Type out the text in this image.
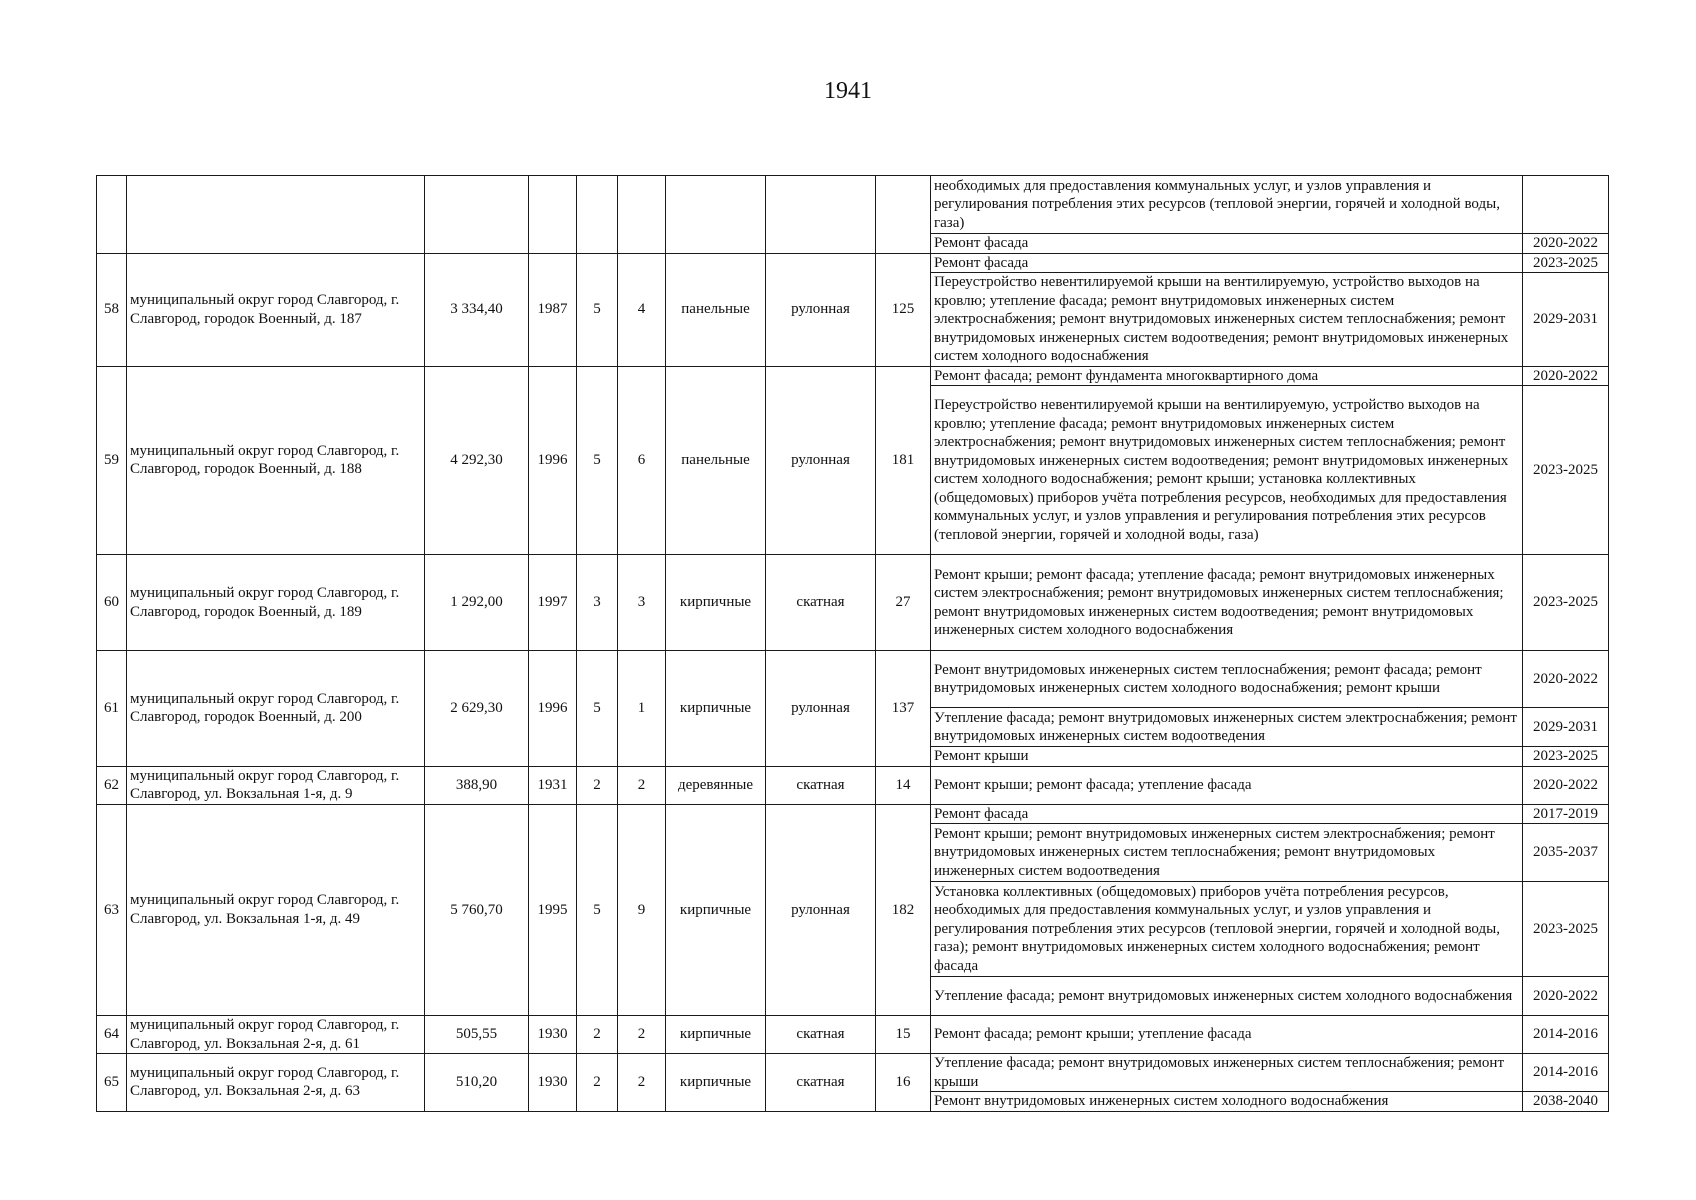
1941
									необходимых для предоставления коммунальных услуг, и узлов управления и регулирования потребления этих ресурсов (тепловой энергии, горячей и холодной воды, газа)	
									Ремонт фасада	2020-2022
58	муниципальный округ город Славгород, г. Славгород, городок Военный, д. 187	3 334,40	1987	5	4	панельные	рулонная	125	Ремонт фасада	2023-2025
									Переустройство невентилируемой крыши на вентилируемую, устройство выходов на кровлю; утепление фасада; ремонт внутридомовых инженерных систем электроснабжения; ремонт внутридомовых инженерных систем теплоснабжения; ремонт внутридомовых инженерных систем водоотведения; ремонт внутридомовых инженерных систем холодного водоснабжения	2029-2031
59	муниципальный округ город Славгород, г. Славгород, городок Военный, д. 188	4 292,30	1996	5	6	панельные	рулонная	181	Ремонт фасада; ремонт фундамента многоквартирного дома	2020-2022
									Переустройство невентилируемой крыши на вентилируемую, устройство выходов на кровлю; утепление фасада; ремонт внутридомовых инженерных систем электроснабжения; ремонт внутридомовых инженерных систем теплоснабжения; ремонт внутридомовых инженерных систем водоотведения; ремонт внутридомовых инженерных систем холодного водоснабжения; ремонт крыши; установка коллективных (общедомовых) приборов учёта потребления ресурсов, необходимых для предоставления коммунальных услуг, и узлов управления и регулирования потребления этих ресурсов (тепловой энергии, горячей и холодной воды, газа)	2023-2025
60	муниципальный округ город Славгород, г. Славгород, городок Военный, д. 189	1 292,00	1997	3	3	кирпичные	скатная	27	Ремонт крыши; ремонт фасада; утепление фасада; ремонт внутридомовых инженерных систем электроснабжения; ремонт внутридомовых инженерных систем теплоснабжения; ремонт внутридомовых инженерных систем водоотведения; ремонт внутридомовых инженерных систем холодного водоснабжения	2023-2025
61	муниципальный округ город Славгород, г. Славгород, городок Военный, д. 200	2 629,30	1996	5	1	кирпичные	рулонная	137	Ремонт внутридомовых инженерных систем теплоснабжения; ремонт фасада; ремонт внутридомовых инженерных систем холодного водоснабжения; ремонт крыши	2020-2022
									Утепление фасада; ремонт внутридомовых инженерных систем электроснабжения; ремонт внутридомовых инженерных систем водоотведения	2029-2031
									Ремонт крыши	2023-2025
62	муниципальный округ город Славгород, г. Славгород, ул. Вокзальная 1-я, д. 9	388,90	1931	2	2	деревянные	скатная	14	Ремонт крыши; ремонт фасада; утепление фасада	2020-2022
63	муниципальный округ город Славгород, г. Славгород, ул. Вокзальная 1-я, д. 49	5 760,70	1995	5	9	кирпичные	рулонная	182	Ремонт фасада	2017-2019
									Ремонт крыши; ремонт внутридомовых инженерных систем электроснабжения; ремонт внутридомовых инженерных систем теплоснабжения; ремонт внутридомовых инженерных систем водоотведения	2035-2037
									Установка коллективных (общедомовых) приборов учёта потребления ресурсов, необходимых для предоставления коммунальных услуг, и узлов управления и регулирования потребления этих ресурсов (тепловой энергии, горячей и холодной воды, газа); ремонт внутридомовых инженерных систем холодного водоснабжения; ремонт фасада	2023-2025
									Утепление фасада; ремонт внутридомовых инженерных систем холодного водоснабжения	2020-2022
64	муниципальный округ город Славгород, г. Славгород, ул. Вокзальная 2-я, д. 61	505,55	1930	2	2	кирпичные	скатная	15	Ремонт фасада; ремонт крыши; утепление фасада	2014-2016
65	муниципальный округ город Славгород, г. Славгород, ул. Вокзальная 2-я, д. 63	510,20	1930	2	2	кирпичные	скатная	16	Утепление фасада; ремонт внутридомовых инженерных систем теплоснабжения; ремонт крыши	2014-2016
									Ремонт внутридомовых инженерных систем холодного водоснабжения	2038-2040
